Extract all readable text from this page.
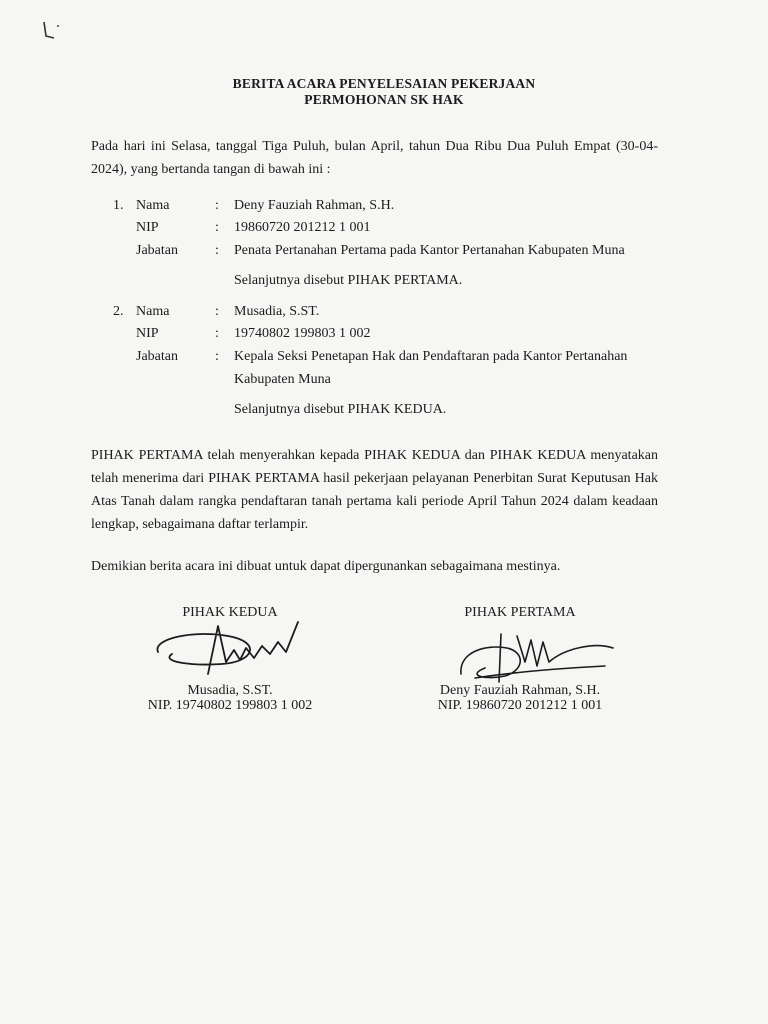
BERITA ACARA PENYELESAIAN PEKERJAAN
PERMOHONAN SK HAK
Pada hari ini Selasa, tanggal Tiga Puluh, bulan April, tahun Dua Ribu Dua Puluh Empat (30-04-2024), yang bertanda tangan di bawah ini :
1. Nama	: Deny Fauziah Rahman, S.H.
NIP	: 19860720 201212 1 001
Jabatan	: Penata Pertanahan Pertama pada Kantor Pertanahan Kabupaten Muna
Selanjutnya disebut PIHAK PERTAMA.
2. Nama	: Musadia, S.ST.
NIP	: 19740802 199803 1 002
Jabatan	: Kepala Seksi Penetapan Hak dan Pendaftaran pada Kantor Pertanahan
Kabupaten Muna
Selanjutnya disebut PIHAK KEDUA.
PIHAK PERTAMA telah menyerahkan kepada PIHAK KEDUA dan PIHAK KEDUA menyatakan telah menerima dari PIHAK PERTAMA hasil pekerjaan pelayanan Penerbitan Surat Keputusan Hak Atas Tanah dalam rangka pendaftaran tanah pertama kali periode April Tahun 2024 dalam keadaan lengkap, sebagaimana daftar terlampir.
Demikian berita acara ini dibuat untuk dapat dipergunankan sebagaimana mestinya.
PIHAK KEDUA
Musadia, S.ST.
NIP. 19740802 199803 1 002
PIHAK PERTAMA
Deny Fauziah Rahman, S.H.
NIP. 19860720 201212 1 001
